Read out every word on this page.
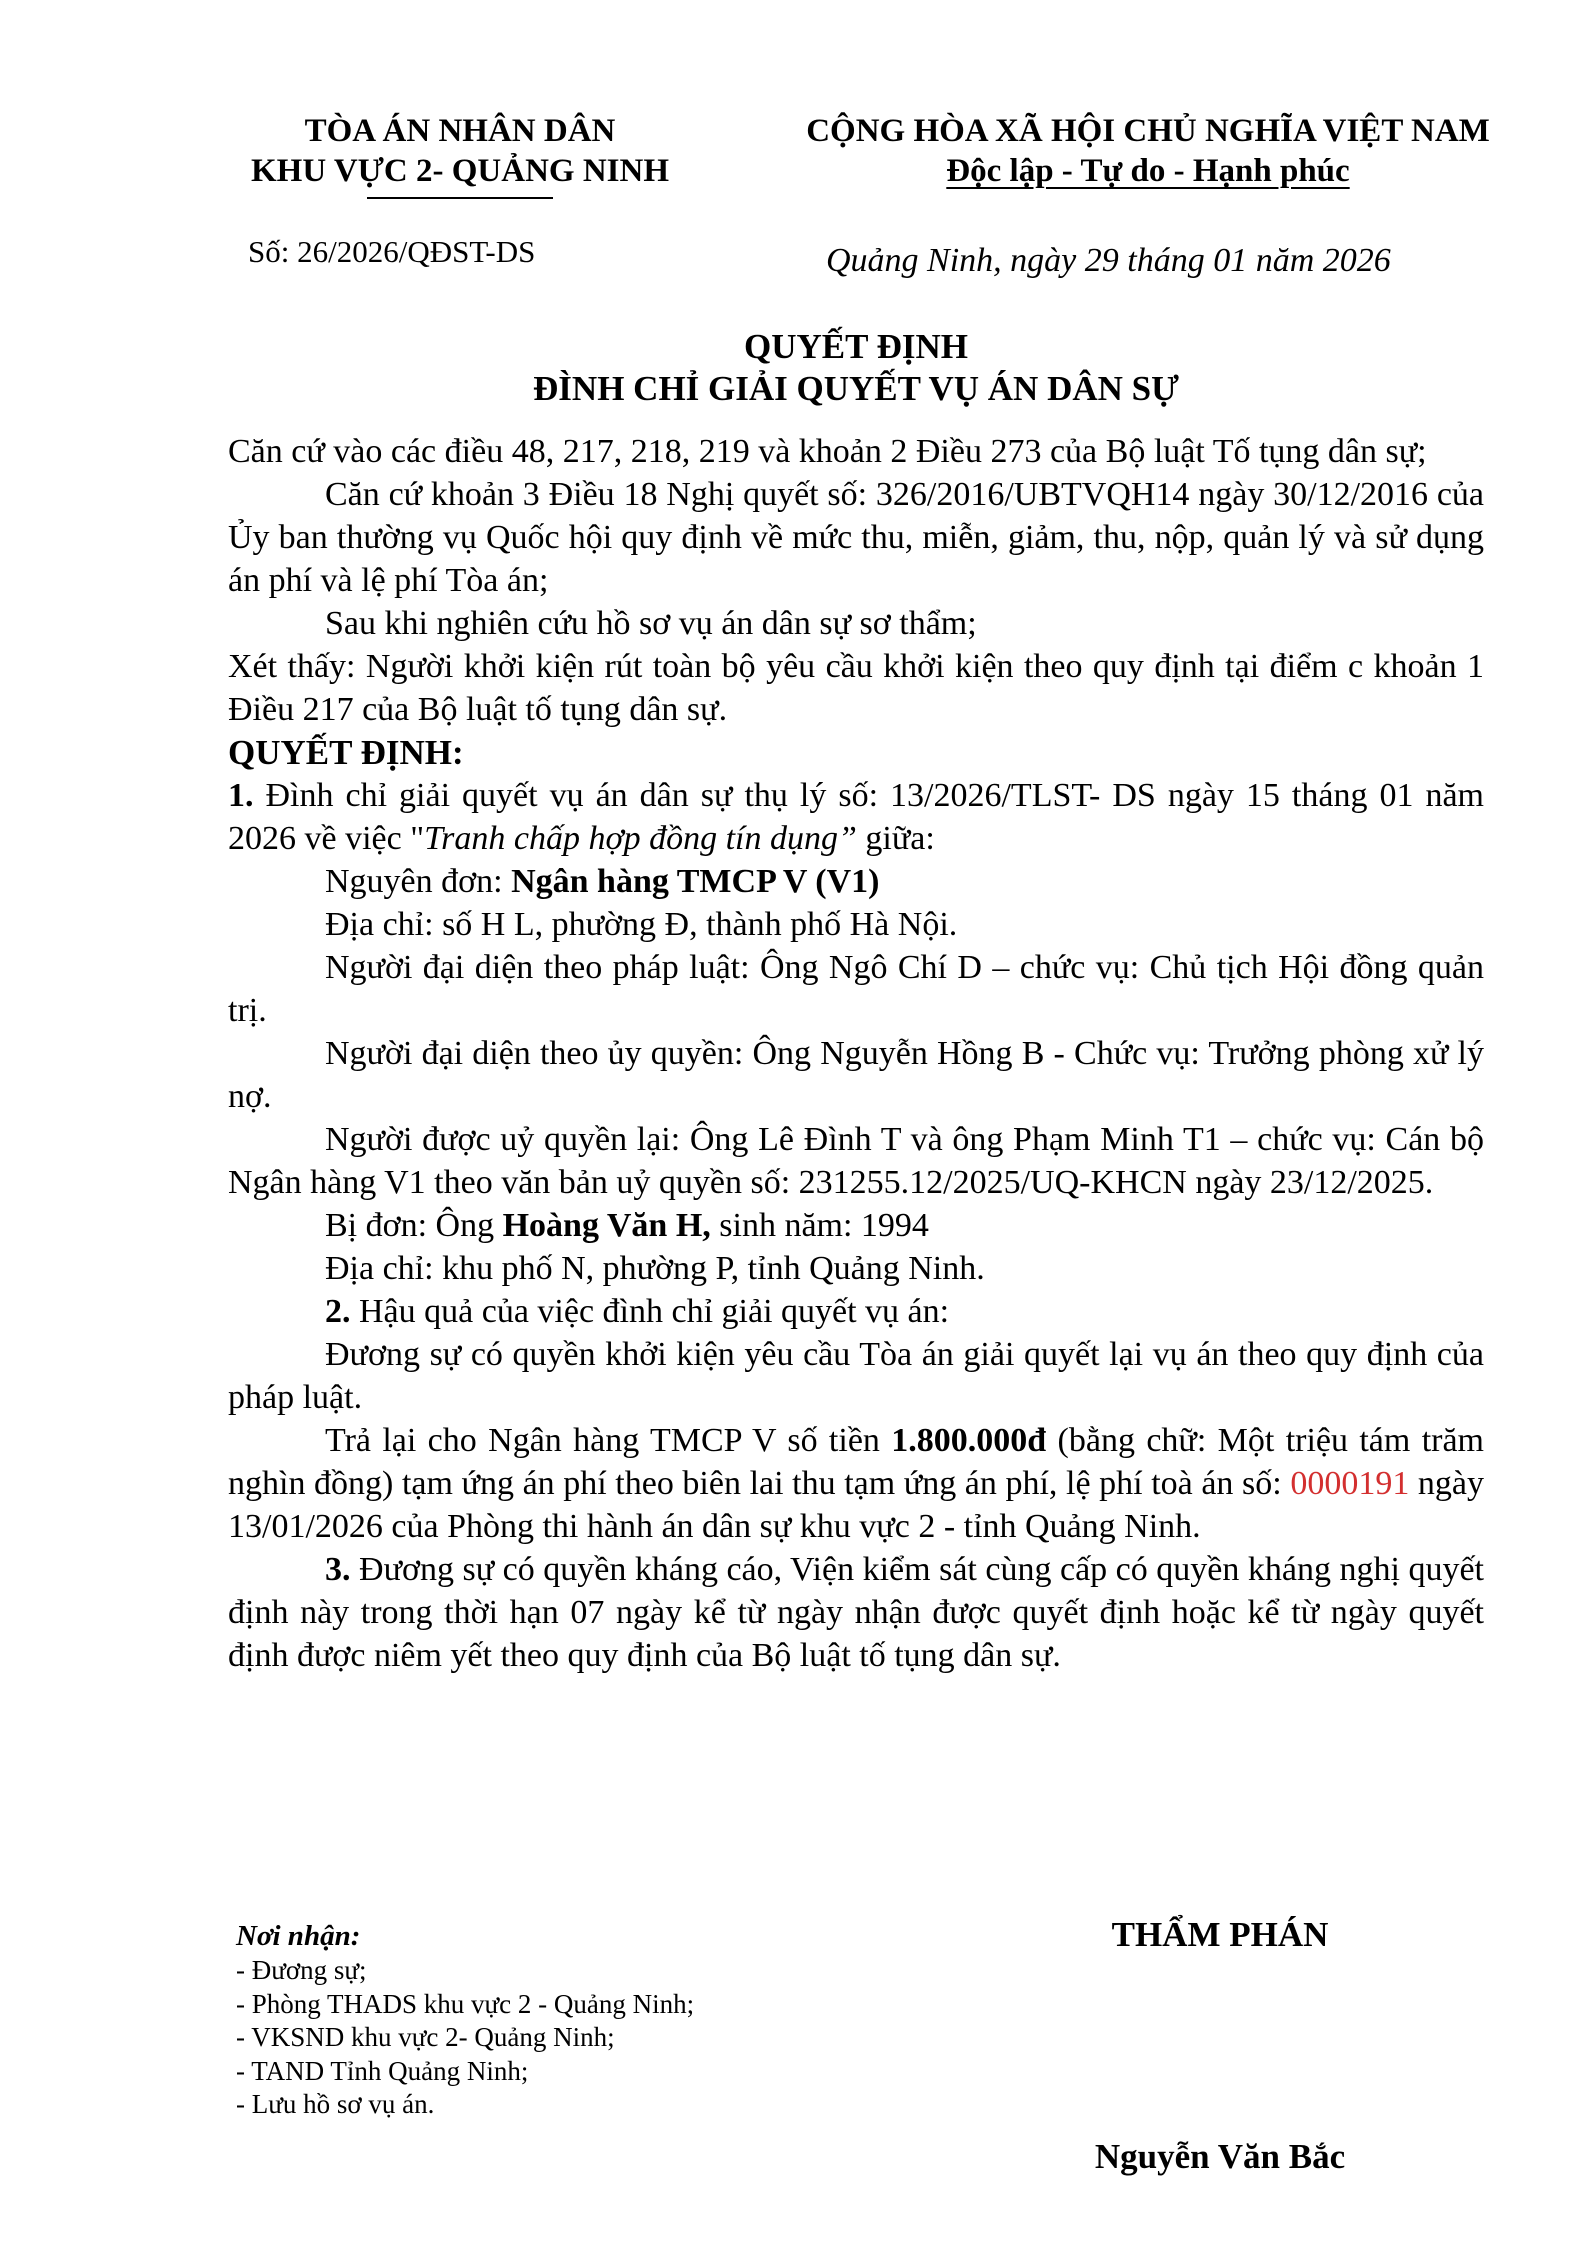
TÒA ÁN NHÂN DÂN
KHU VỰC 2- QUẢNG NINH
CỘNG HÒA XÃ HỘI CHỦ NGHĨA VIỆT NAM
Độc lập - Tự do - Hạnh phúc
Số: 26/2026/QĐST-DS	Quảng Ninh, ngày 29 tháng 01 năm 2026
QUYẾT ĐỊNH
ĐÌNH CHỈ GIẢI QUYẾT VỤ ÁN DÂN SỰ

Căn cứ vào các điều 48, 217, 218, 219 và khoản 2 Điều 273 của Bộ luật Tố tụng dân sự;

Căn cứ khoản 3 Điều 18 Nghị quyết số: 326/2016/UBTVQH14 ngày 30/12/2016 của Ủy ban thường vụ Quốc hội quy định về mức thu, miễn, giảm, thu, nộp, quản lý và sử dụng án phí và lệ phí Tòa án;

Sau khi nghiên cứu hồ sơ vụ án dân sự sơ thẩm;

Xét thấy: Người khởi kiện rút toàn bộ yêu cầu khởi kiện theo quy định tại điểm c khoản 1 Điều 217 của Bộ luật tố tụng dân sự.

QUYẾT ĐỊNH:

1. Đình chỉ giải quyết vụ án dân sự thụ lý số: 13/2026/TLST- DS ngày 15 tháng 01 năm 2026 về việc "Tranh chấp hợp đồng tín dụng” giữa:

Nguyên đơn: Ngân hàng TMCP V (V1)

Địa chỉ: số H L, phường Đ, thành phố Hà Nội.

Người đại diện theo pháp luật: Ông Ngô Chí D – chức vụ: Chủ tịch Hội đồng quản trị.

Người đại diện theo ủy quyền: Ông Nguyễn Hồng B - Chức vụ: Trưởng phòng xử lý nợ.

Người được uỷ quyền lại: Ông Lê Đình T và ông Phạm Minh T1 – chức vụ: Cán bộ Ngân hàng V1 theo văn bản uỷ quyền số: 231255.12/2025/UQ-KHCN ngày 23/12/2025.

Bị đơn: Ông Hoàng Văn H, sinh năm: 1994

Địa chỉ: khu phố N, phường P, tỉnh Quảng Ninh.

2. Hậu quả của việc đình chỉ giải quyết vụ án:

Đương sự có quyền khởi kiện yêu cầu Tòa án giải quyết lại vụ án theo quy định của pháp luật.

Trả lại cho Ngân hàng TMCP V số tiền 1.800.000đ (bằng chữ: Một triệu tám trăm nghìn đồng) tạm ứng án phí theo biên lai thu tạm ứng án phí, lệ phí toà án số: 0000191 ngày 13/01/2026 của Phòng thi hành án dân sự khu vực 2 - tỉnh Quảng Ninh.

3. Đương sự có quyền kháng cáo, Viện kiểm sát cùng cấp có quyền kháng nghị quyết định này trong thời hạn 07 ngày kể từ ngày nhận được quyết định hoặc kể từ ngày quyết định được niêm yết theo quy định của Bộ luật tố tụng dân sự.

Nơi nhận:
- Đương sự;
- Phòng THADS khu vực 2 - Quảng Ninh;
- VKSND khu vực 2- Quảng Ninh;
- TAND Tỉnh Quảng Ninh;
- Lưu hồ sơ vụ án.
THẨM PHÁN
Nguyễn Văn Bắc
